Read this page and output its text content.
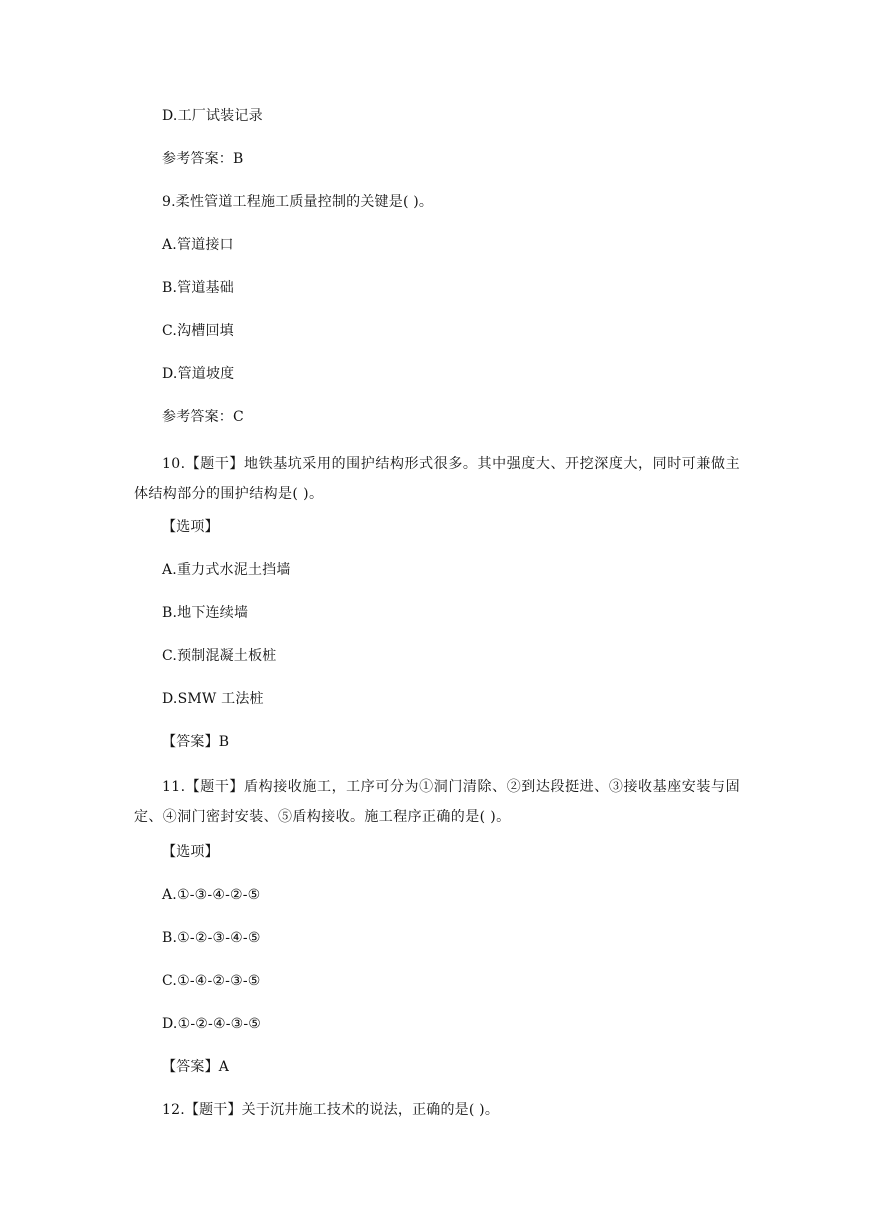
D.工厂试装记录
参考答案：B
9.柔性管道工程施工质量控制的关键是( )。
A.管道接口
B.管道基础
C.沟槽回填
D.管道坡度
参考答案：C
10.【题干】地铁基坑采用的围护结构形式很多。其中强度大、开挖深度大，同时可兼做主体结构部分的围护结构是( )。
【选项】
A.重力式水泥土挡墙
B.地下连续墙
C.预制混凝土板桩
D.SMW 工法桩
【答案】B
11.【题干】盾构接收施工，工序可分为①洞门清除、②到达段挺进、③接收基座安装与固定、④洞门密封安装、⑤盾构接收。施工程序正确的是( )。
【选项】
A.①-③-④-②-⑤
B.①-②-③-④-⑤
C.①-④-②-③-⑤
D.①-②-④-③-⑤
【答案】A
12.【题干】关于沉井施工技术的说法，正确的是( )。
